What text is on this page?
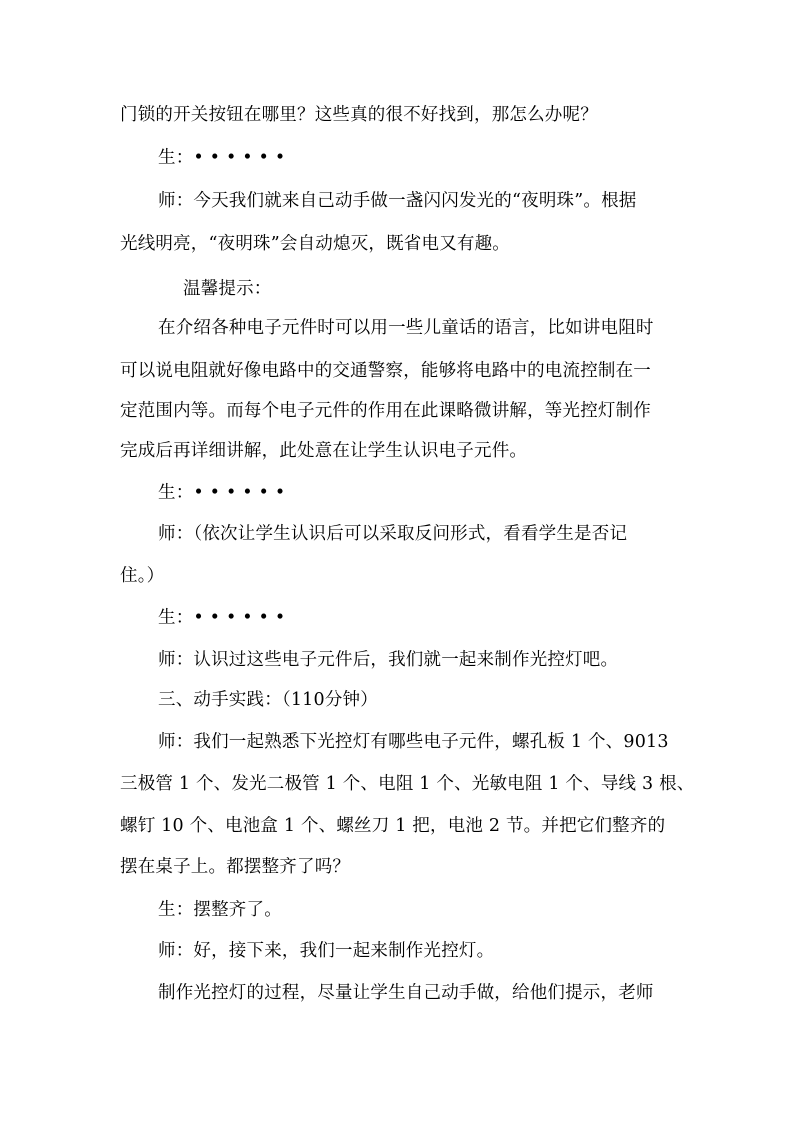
门锁的开关按钮在哪里？这些真的很不好找到，那怎么办呢？
生：• • • • • •
师：今天我们就来自己动手做一盏闪闪发光的“夜明珠”。根据
光线明亮，“夜明珠”会自动熄灭，既省电又有趣。
温馨提示：
在介绍各种电子元件时可以用一些儿童话的语言，比如讲电阻时
可以说电阻就好像电路中的交通警察，能够将电路中的电流控制在一
定范围内等。而每个电子元件的作用在此课略微讲解，等光控灯制作
完成后再详细讲解，此处意在让学生认识电子元件。
生：• • • • • •
师：（依次让学生认识后可以采取反问形式，看看学生是否记
住。）
生：• • • • • •
师：认识过这些电子元件后，我们就一起来制作光控灯吧。
三、动手实践：（110分钟）
师：我们一起熟悉下光控灯有哪些电子元件，螺孔板 1 个、9013
三极管 1 个、发光二极管 1 个、电阻 1 个、光敏电阻 1 个、导线 3 根、
螺钉 10 个、电池盒 1 个、螺丝刀 1 把，电池 2 节。并把它们整齐的
摆在桌子上。都摆整齐了吗？
生：摆整齐了。
师：好，接下来，我们一起来制作光控灯。
制作光控灯的过程，尽量让学生自己动手做，给他们提示，老师
